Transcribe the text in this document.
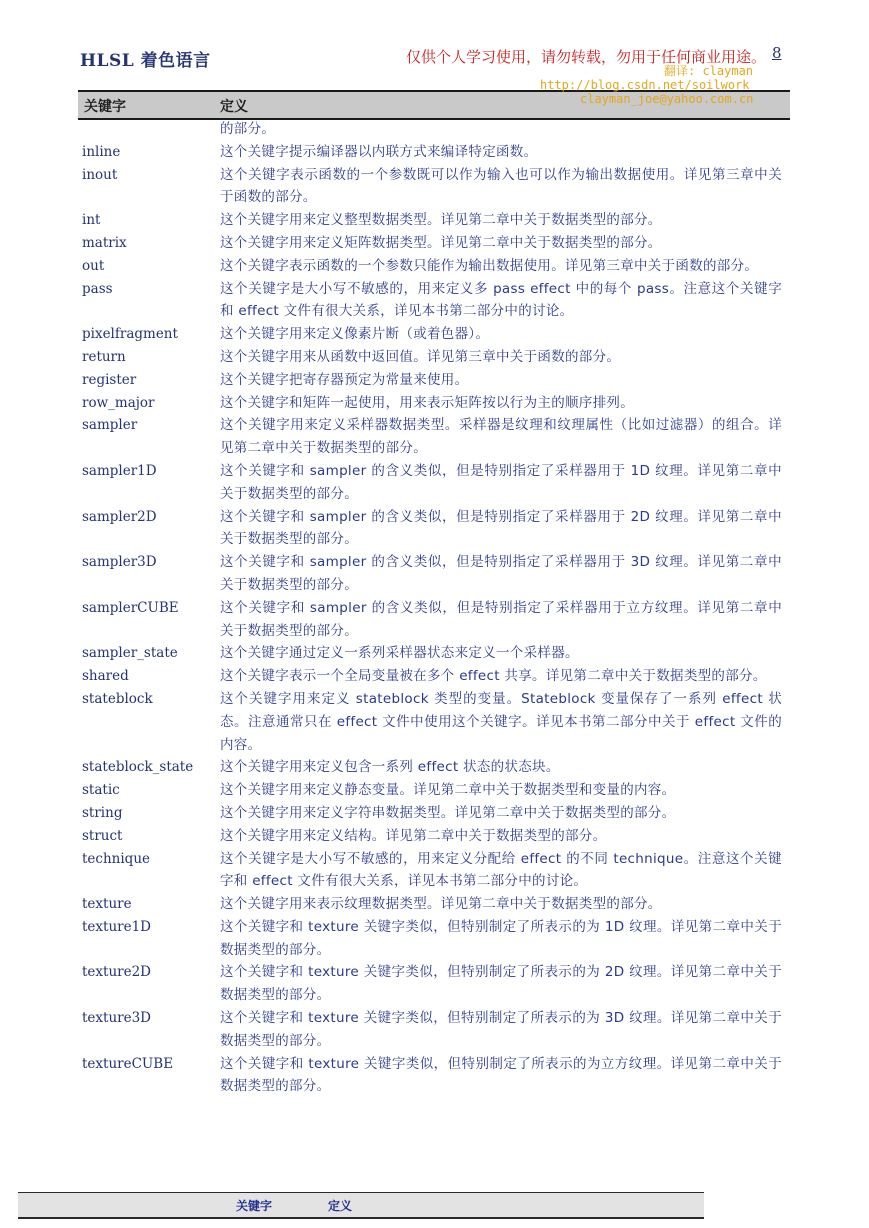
HLSL 着色语言	仅供个人学习使用，请勿转载，勿用于任何商业用途。 8
翻译: clayman
http://blog.csdn.net/soilwork
clayman_joe@yahoo.com.cn
关键字	定义
的部分。
inline	这个关键字提示编译器以内联方式来编译特定函数。
inout	这个关键字表示函数的一个参数既可以作为输入也可以作为输出数据使用。详见第三章中关于函数的部分。
int	这个关键字用来定义整型数据类型。详见第二章中关于数据类型的部分。
matrix	这个关键字用来定义矩阵数据类型。详见第二章中关于数据类型的部分。
out	这个关键字表示函数的一个参数只能作为输出数据使用。详见第三章中关于函数的部分。
pass	这个关键字是大小写不敏感的，用来定义多 pass effect 中的每个 pass。注意这个关键字和 effect 文件有很大关系，详见本书第二部分中的讨论。
pixelfragment	这个关键字用来定义像素片断（或着色器）。
return	这个关键字用来从函数中返回值。详见第三章中关于函数的部分。
register	这个关键字把寄存器预定为常量来使用。
row_major	这个关键字和矩阵一起使用，用来表示矩阵按以行为主的顺序排列。
sampler	这个关键字用来定义采样器数据类型。采样器是纹理和纹理属性（比如过滤器）的组合。详见第二章中关于数据类型的部分。
sampler1D	这个关键字和 sampler 的含义类似，但是特别指定了采样器用于 1D 纹理。详见第二章中关于数据类型的部分。
sampler2D	这个关键字和 sampler 的含义类似，但是特别指定了采样器用于 2D 纹理。详见第二章中关于数据类型的部分。
sampler3D	这个关键字和 sampler 的含义类似，但是特别指定了采样器用于 3D 纹理。详见第二章中关于数据类型的部分。
samplerCUBE	这个关键字和 sampler 的含义类似，但是特别指定了采样器用于立方纹理。详见第二章中关于数据类型的部分。
sampler_state	这个关键字通过定义一系列采样器状态来定义一个采样器。
shared	这个关键字表示一个全局变量被在多个 effect 共享。详见第二章中关于数据类型的部分。
stateblock	这个关键字用来定义 stateblock 类型的变量。Stateblock 变量保存了一系列 effect 状态。注意通常只在 effect 文件中使用这个关键字。详见本书第二部分中关于 effect 文件的内容。
stateblock_state	这个关键字用来定义包含一系列 effect 状态的状态块。
static	这个关键字用来定义静态变量。详见第二章中关于数据类型和变量的内容。
string	这个关键字用来定义字符串数据类型。详见第二章中关于数据类型的部分。
struct	这个关键字用来定义结构。详见第二章中关于数据类型的部分。
technique	这个关键字是大小写不敏感的，用来定义分配给 effect 的不同 technique。注意这个关键字和 effect 文件有很大关系，详见本书第二部分中的讨论。
texture	这个关键字用来表示纹理数据类型。详见第二章中关于数据类型的部分。
texture1D	这个关键字和 texture 关键字类似，但特别制定了所表示的为 1D 纹理。详见第二章中关于数据类型的部分。
texture2D	这个关键字和 texture 关键字类似，但特别制定了所表示的为 2D 纹理。详见第二章中关于数据类型的部分。
texture3D	这个关键字和 texture 关键字类似，但特别制定了所表示的为 3D 纹理。详见第二章中关于数据类型的部分。
textureCUBE	这个关键字和 texture 关键字类似，但特别制定了所表示的为立方纹理。详见第二章中关于数据类型的部分。
关键字	定义
